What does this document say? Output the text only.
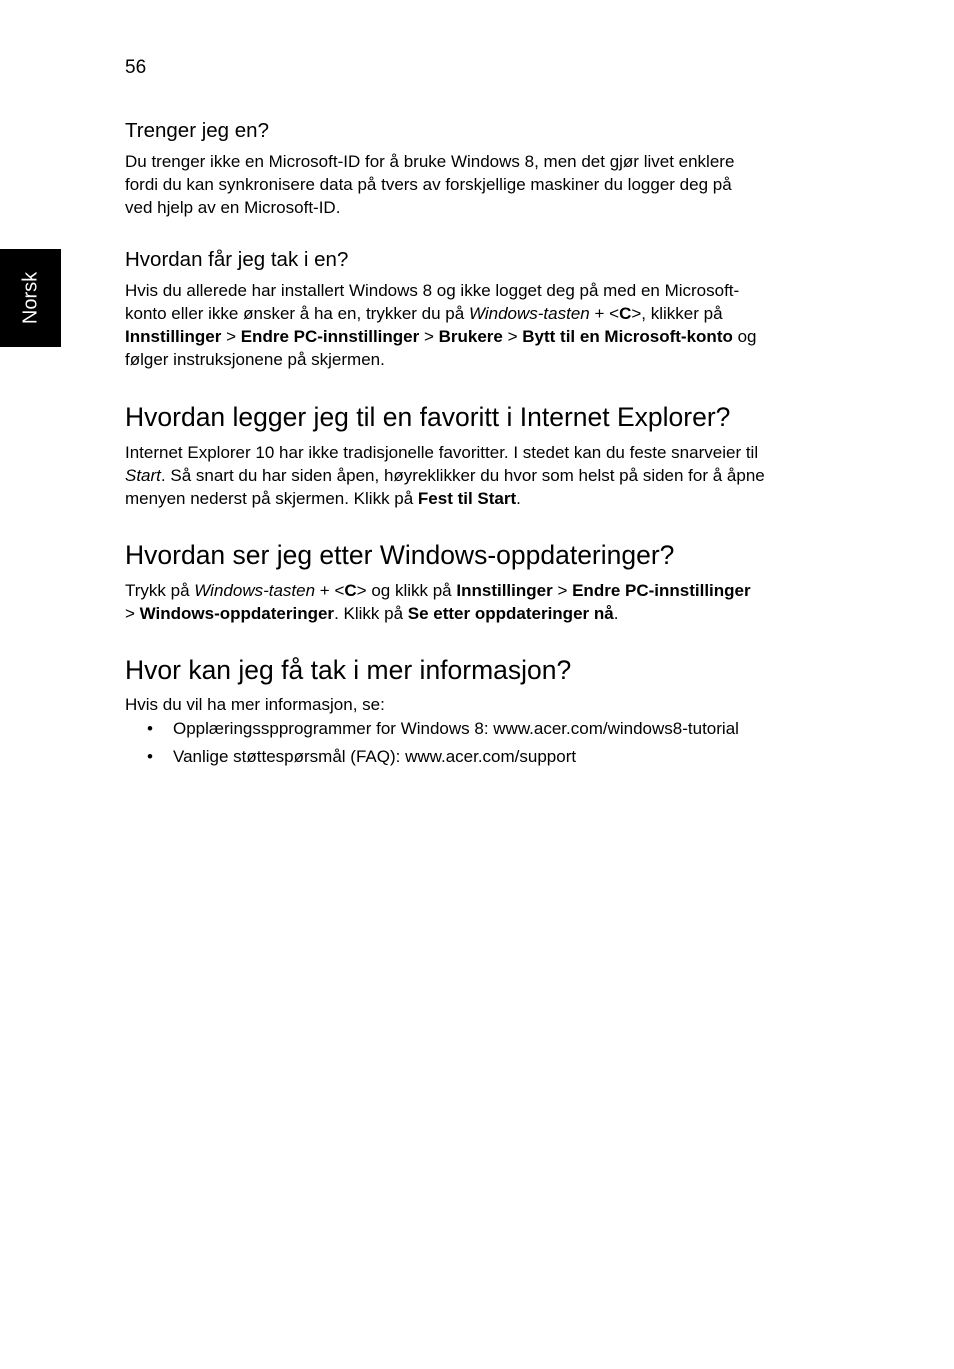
56
Norsk
Trenger jeg en?
Du trenger ikke en Microsoft-ID for å bruke Windows 8, men det gjør livet enklere
fordi du kan synkronisere data på tvers av forskjellige maskiner du logger deg på
ved hjelp av en Microsoft-ID.
Hvordan får jeg tak i en?
Hvis du allerede har installert Windows 8 og ikke logget deg på med en Microsoft-
konto eller ikke ønsker å ha en, trykker du på Windows-tasten + <C>, klikker på
Innstillinger > Endre PC-innstillinger > Brukere > Bytt til en Microsoft-konto og
følger instruksjonene på skjermen.
Hvordan legger jeg til en favoritt i Internet Explorer?
Internet Explorer 10 har ikke tradisjonelle favoritter. I stedet kan du feste snarveier til
Start. Så snart du har siden åpen, høyreklikker du hvor som helst på siden for å åpne
menyen nederst på skjermen. Klikk på Fest til Start.
Hvordan ser jeg etter Windows-oppdateringer?
Trykk på Windows-tasten + <C> og klikk på Innstillinger > Endre PC-innstillinger
> Windows-oppdateringer. Klikk på Se etter oppdateringer nå.
Hvor kan jeg få tak i mer informasjon?
Hvis du vil ha mer informasjon, se:
• Opplæringsspprogrammer for Windows 8: www.acer.com/windows8-tutorial
• Vanlige støttespørsmål (FAQ): www.acer.com/support
